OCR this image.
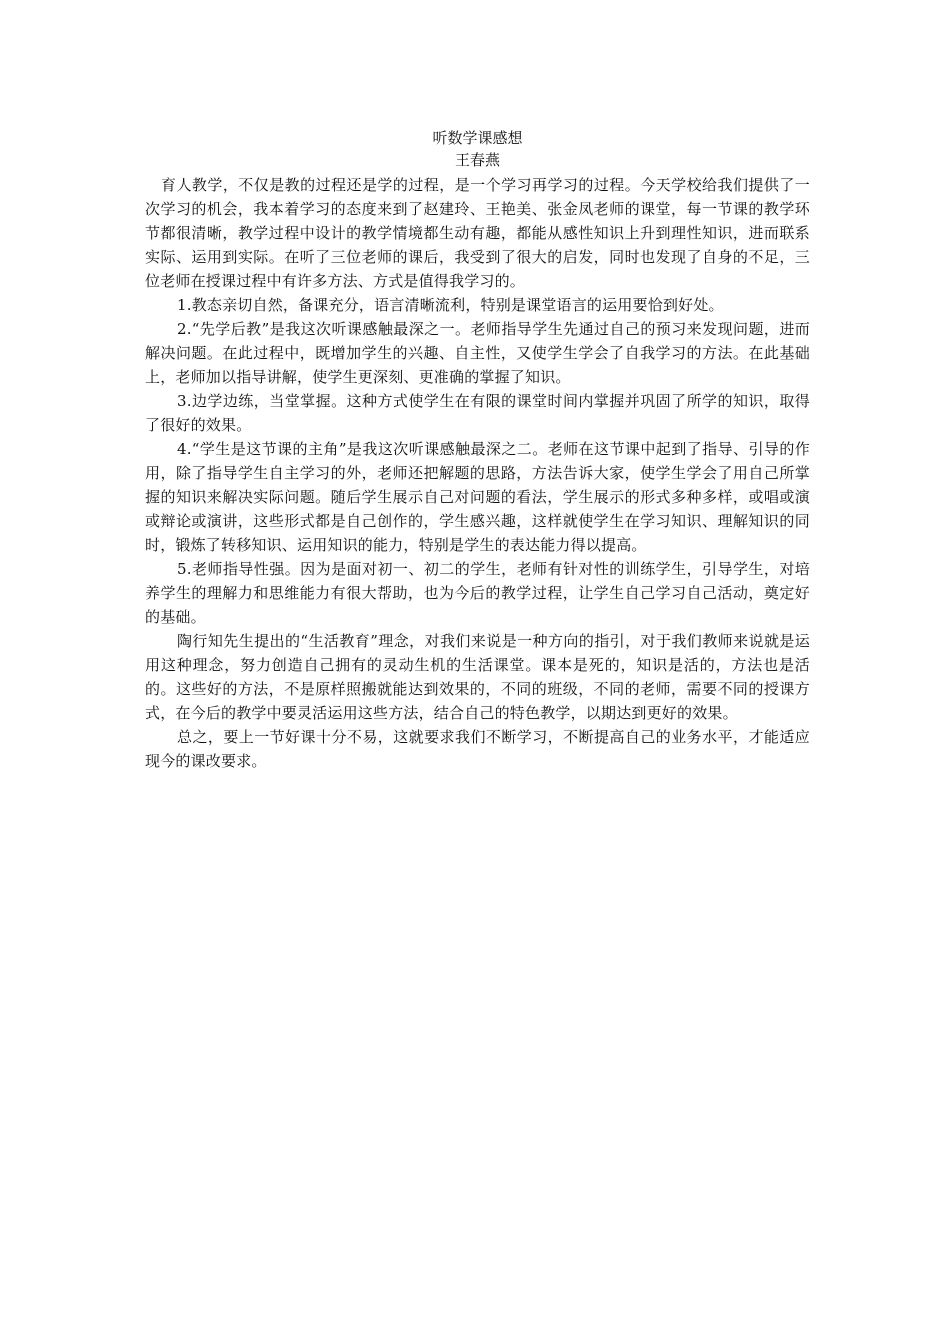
听数学课感想
王春燕

育人教学，不仅是教的过程还是学的过程，是一个学习再学习的过程。今天学校给我们提供了一次学习的机会，我本着学习的态度来到了赵建玲、王艳美、张金凤老师的课堂，每一节课的教学环节都很清晰，教学过程中设计的教学情境都生动有趣，都能从感性知识上升到理性知识，进而联系实际、运用到实际。在听了三位老师的课后，我受到了很大的启发，同时也发现了自身的不足，三位老师在授课过程中有许多方法、方式是值得我学习的。

1.教态亲切自然，备课充分，语言清晰流利，特别是课堂语言的运用要恰到好处。

2.“先学后教”是我这次听课感触最深之一。老师指导学生先通过自己的预习来发现问题，进而解决问题。在此过程中，既增加学生的兴趣、自主性，又使学生学会了自我学习的方法。在此基础上，老师加以指导讲解，使学生更深刻、更准确的掌握了知识。

3.边学边练，当堂掌握。这种方式使学生在有限的课堂时间内掌握并巩固了所学的知识，取得了很好的效果。

4.“学生是这节课的主角”是我这次听课感触最深之二。老师在这节课中起到了指导、引导的作用，除了指导学生自主学习的外，老师还把解题的思路，方法告诉大家，使学生学会了用自己所掌握的知识来解决实际问题。随后学生展示自己对问题的看法，学生展示的形式多种多样，或唱或演或辩论或演讲，这些形式都是自己创作的，学生感兴趣，这样就使学生在学习知识、理解知识的同时，锻炼了转移知识、运用知识的能力，特别是学生的表达能力得以提高。

5.老师指导性强。因为是面对初一、初二的学生，老师有针对性的训练学生，引导学生，对培养学生的理解力和思维能力有很大帮助，也为今后的教学过程，让学生自己学习自己活动，奠定好的基础。

陶行知先生提出的“生活教育”理念，对我们来说是一种方向的指引，对于我们教师来说就是运用这种理念，努力创造自己拥有的灵动生机的生活课堂。课本是死的，知识是活的，方法也是活的。这些好的方法，不是原样照搬就能达到效果的，不同的班级，不同的老师，需要不同的授课方式，在今后的教学中要灵活运用这些方法，结合自己的特色教学，以期达到更好的效果。

总之，要上一节好课十分不易，这就要求我们不断学习，不断提高自己的业务水平，才能适应现今的课改要求。
